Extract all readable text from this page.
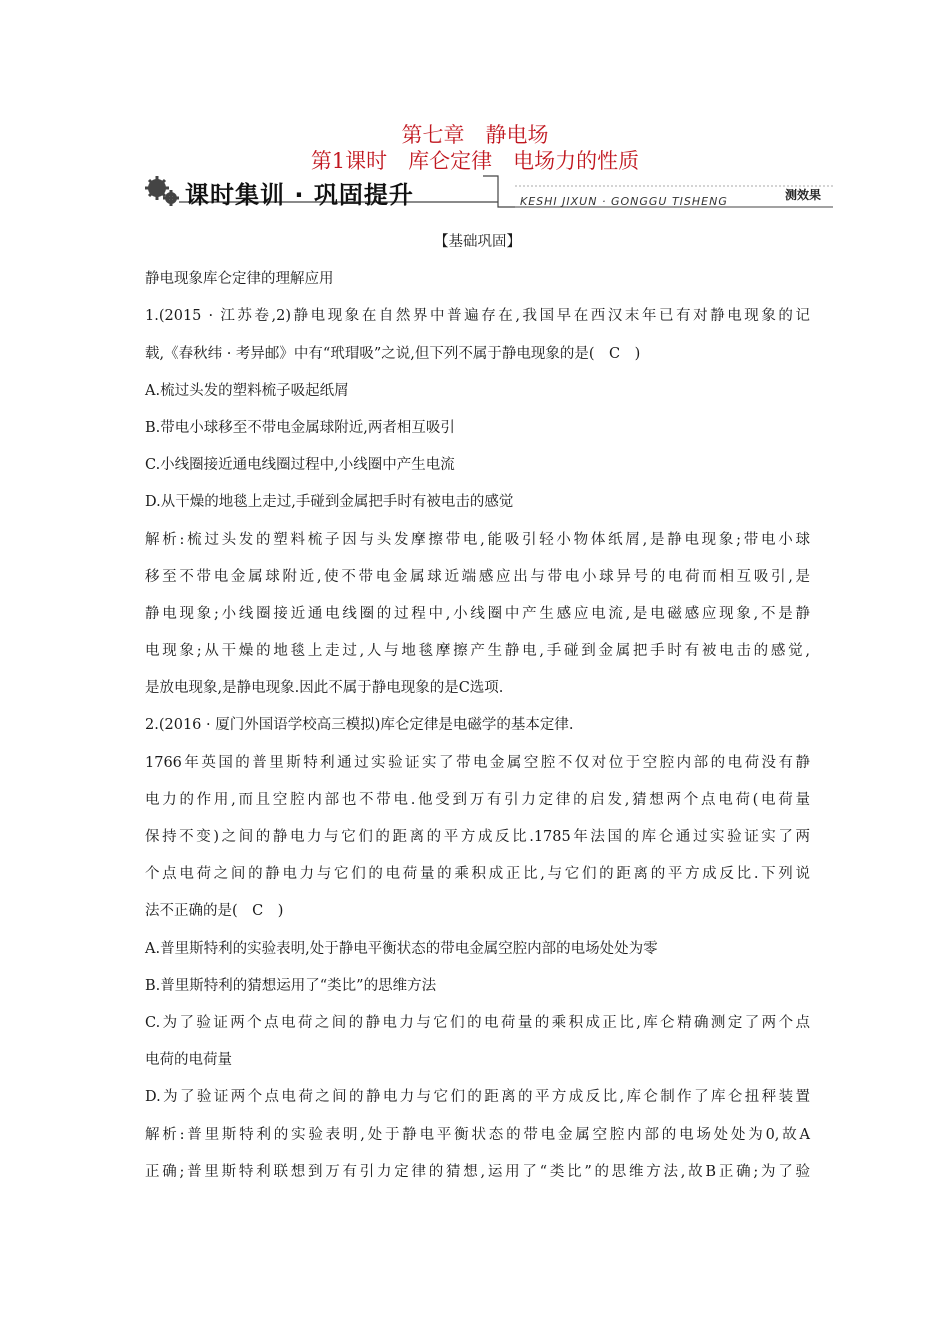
第七章　静电场
第1课时　库仑定律　电场力的性质
课时集训 · 巩固提升	KESHI JIXUN · GONGGU TISHENG	测效果
【基础巩固】
静电现象库仑定律的理解应用
1.(2015 · 江苏卷,2)静电现象在自然界中普遍存在,我国早在西汉末年已有对静电现象的记
载,《春秋纬 · 考异邮》中有“玳瑁吸”之说,但下列不属于静电现象的是(　C　)
A.梳过头发的塑料梳子吸起纸屑
B.带电小球移至不带电金属球附近,两者相互吸引
C.小线圈接近通电线圈过程中,小线圈中产生电流
D.从干燥的地毯上走过,手碰到金属把手时有被电击的感觉
解析:梳过头发的塑料梳子因与头发摩擦带电,能吸引轻小物体纸屑,是静电现象;带电小球
移至不带电金属球附近,使不带电金属球近端感应出与带电小球异号的电荷而相互吸引,是
静电现象;小线圈接近通电线圈的过程中,小线圈中产生感应电流,是电磁感应现象,不是静
电现象;从干燥的地毯上走过,人与地毯摩擦产生静电,手碰到金属把手时有被电击的感觉,
是放电现象,是静电现象.因此不属于静电现象的是C选项.
2.(2016 · 厦门外国语学校高三模拟)库仑定律是电磁学的基本定律.
1766年英国的普里斯特利通过实验证实了带电金属空腔不仅对位于空腔内部的电荷没有静
电力的作用,而且空腔内部也不带电.他受到万有引力定律的启发,猜想两个点电荷(电荷量
保持不变)之间的静电力与它们的距离的平方成反比.1785年法国的库仑通过实验证实了两
个点电荷之间的静电力与它们的电荷量的乘积成正比,与它们的距离的平方成反比.下列说
法不正确的是(　C　)
A.普里斯特利的实验表明,处于静电平衡状态的带电金属空腔内部的电场处处为零
B.普里斯特利的猜想运用了“类比”的思维方法
C.为了验证两个点电荷之间的静电力与它们的电荷量的乘积成正比,库仑精确测定了两个点
电荷的电荷量
D.为了验证两个点电荷之间的静电力与它们的距离的平方成反比,库仑制作了库仑扭秤装置
解析:普里斯特利的实验表明,处于静电平衡状态的带电金属空腔内部的电场处处为0,故A
正确;普里斯特利联想到万有引力定律的猜想,运用了“类比”的思维方法,故B正确;为了验
